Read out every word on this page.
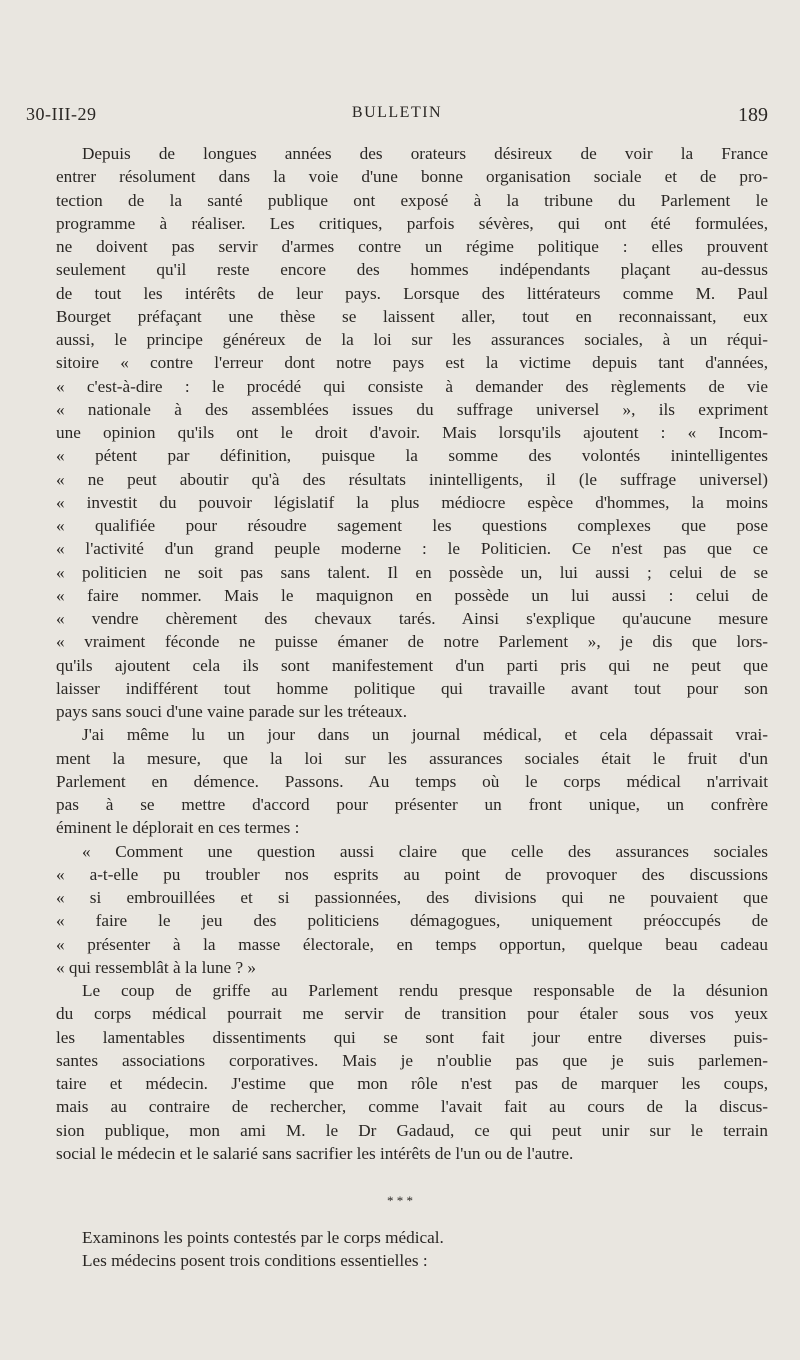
30-III-29	BULLETIN	189
Depuis de longues années des orateurs désireux de voir la France
entrer résolument dans la voie d'une bonne organisation sociale et de pro-
tection de la santé publique ont exposé à la tribune du Parlement le
programme à réaliser. Les critiques, parfois sévères, qui ont été formulées,
ne doivent pas servir d'armes contre un régime politique : elles prouvent
seulement qu'il reste encore des hommes indépendants plaçant au-dessus
de tout les intérêts de leur pays. Lorsque des littérateurs comme M. Paul
Bourget préfaçant une thèse se laissent aller, tout en reconnaissant, eux
aussi, le principe généreux de la loi sur les assurances sociales, à un réqui-
sitoire « contre l'erreur dont notre pays est la victime depuis tant d'années,
« c'est-à-dire : le procédé qui consiste à demander des règlements de vie
« nationale à des assemblées issues du suffrage universel », ils expriment
une opinion qu'ils ont le droit d'avoir. Mais lorsqu'ils ajoutent : « Incom-
« pétent par définition, puisque la somme des volontés inintelligentes
« ne peut aboutir qu'à des résultats inintelligents, il (le suffrage universel)
« investit du pouvoir législatif la plus médiocre espèce d'hommes, la moins
« qualifiée pour résoudre sagement les questions complexes que pose
« l'activité d'un grand peuple moderne : le Politicien. Ce n'est pas que ce
« politicien ne soit pas sans talent. Il en possède un, lui aussi ; celui de se
« faire nommer. Mais le maquignon en possède un lui aussi : celui de
« vendre chèrement des chevaux tarés. Ainsi s'explique qu'aucune mesure
« vraiment féconde ne puisse émaner de notre Parlement », je dis que lors-
qu'ils ajoutent cela ils sont manifestement d'un parti pris qui ne peut que
laisser indifférent tout homme politique qui travaille avant tout pour son
pays sans souci d'une vaine parade sur les tréteaux.
J'ai même lu un jour dans un journal médical, et cela dépassait vrai-
ment la mesure, que la loi sur les assurances sociales était le fruit d'un
Parlement en démence. Passons. Au temps où le corps médical n'arrivait
pas à se mettre d'accord pour présenter un front unique, un confrère
éminent le déplorait en ces termes :
« Comment une question aussi claire que celle des assurances sociales
« a-t-elle pu troubler nos esprits au point de provoquer des discussions
« si embrouillées et si passionnées, des divisions qui ne pouvaient que
« faire le jeu des politiciens démagogues, uniquement préoccupés de
« présenter à la masse électorale, en temps opportun, quelque beau cadeau
« qui ressemblât à la lune ? »
Le coup de griffe au Parlement rendu presque responsable de la désunion
du corps médical pourrait me servir de transition pour étaler sous vos yeux
les lamentables dissentiments qui se sont fait jour entre diverses puis-
santes associations corporatives. Mais je n'oublie pas que je suis parlemen-
taire et médecin. J'estime que mon rôle n'est pas de marquer les coups,
mais au contraire de rechercher, comme l'avait fait au cours de la discus-
sion publique, mon ami M. le Dr Gadaud, ce qui peut unir sur le terrain
social le médecin et le salarié sans sacrifier les intérêts de l'un ou de l'autre.
* * *
Examinons les points contestés par le corps médical.
Les médecins posent trois conditions essentielles :
